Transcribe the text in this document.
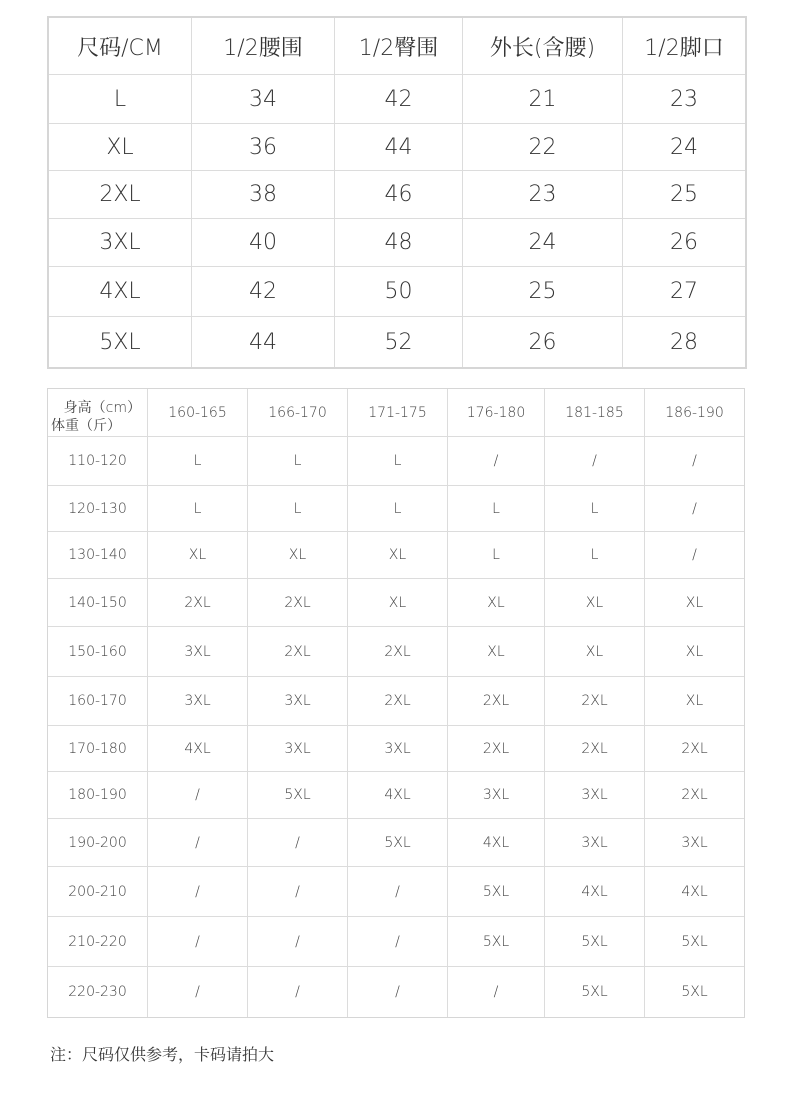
尺码/CM	1/2腰围	1/2臀围	外长(含腰)	1/2脚口
L	34	42	21	23
XL	36	44	22	24
2XL	38	46	23	25
3XL	40	48	24	26
4XL	42	50	25	27
5XL	44	52	26	28
身高（cm）
体重（斤）
160-165	166-170	171-175	176-180	181-185	186-190
110-120	L	L	L	/	/	/
120-130	L	L	L	L	L	/
130-140	XL	XL	XL	L	L	/
140-150	2XL	2XL	XL	XL	XL	XL
150-160	3XL	2XL	2XL	XL	XL	XL
160-170	3XL	3XL	2XL	2XL	2XL	XL
170-180	4XL	3XL	3XL	2XL	2XL	2XL
180-190	/	5XL	4XL	3XL	3XL	2XL
190-200	/	/	5XL	4XL	3XL	3XL
200-210	/	/	/	5XL	4XL	4XL
210-220	/	/	/	5XL	5XL	5XL
220-230	/	/	/	/	5XL	5XL
注：尺码仅供参考，卡码请拍大
